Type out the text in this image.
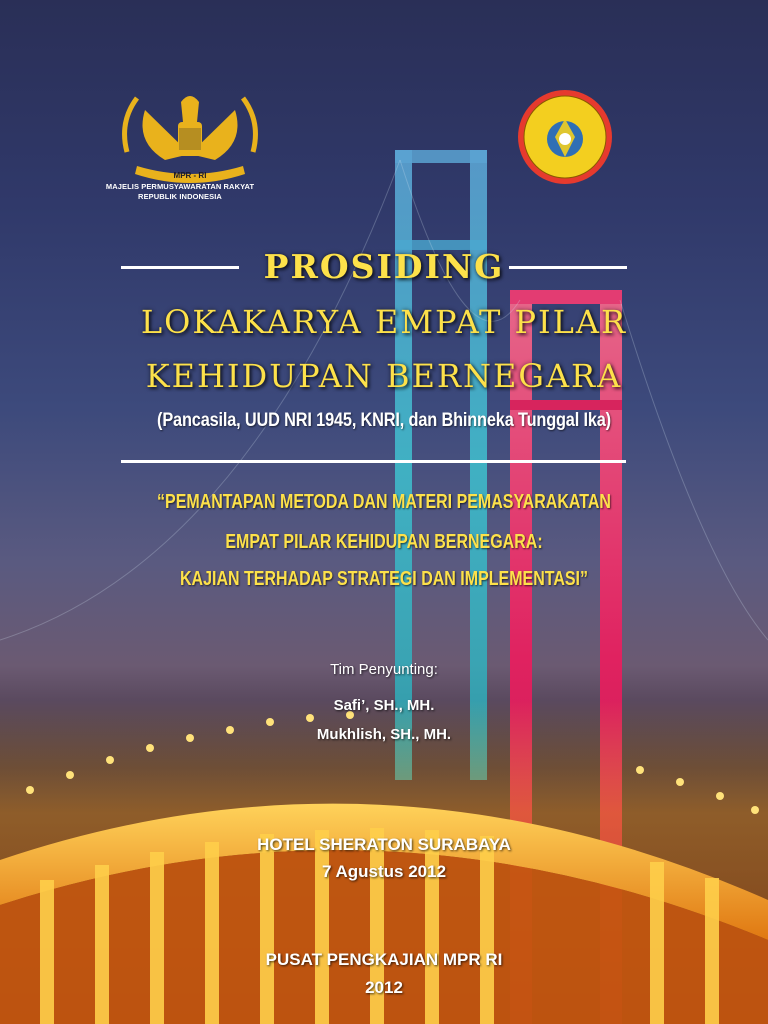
MPR - RI
MAJELIS PERMUSYAWARATAN RAKYAT
REPUBLIK INDONESIA
PROSIDING
LOKAKARYA EMPAT PILAR
KEHIDUPAN BERNEGARA
(Pancasila, UUD NRI 1945, KNRI, dan Bhinneka Tunggal Ika)
“PEMANTAPAN METODA DAN MATERI PEMASYARAKATAN
EMPAT PILAR KEHIDUPAN BERNEGARA:
KAJIAN TERHADAP STRATEGI DAN IMPLEMENTASI”
Tim Penyunting:
Safi’, SH., MH.
Mukhlish, SH., MH.
HOTEL SHERATON SURABAYA
7 Agustus 2012
PUSAT PENGKAJIAN MPR RI
2012
